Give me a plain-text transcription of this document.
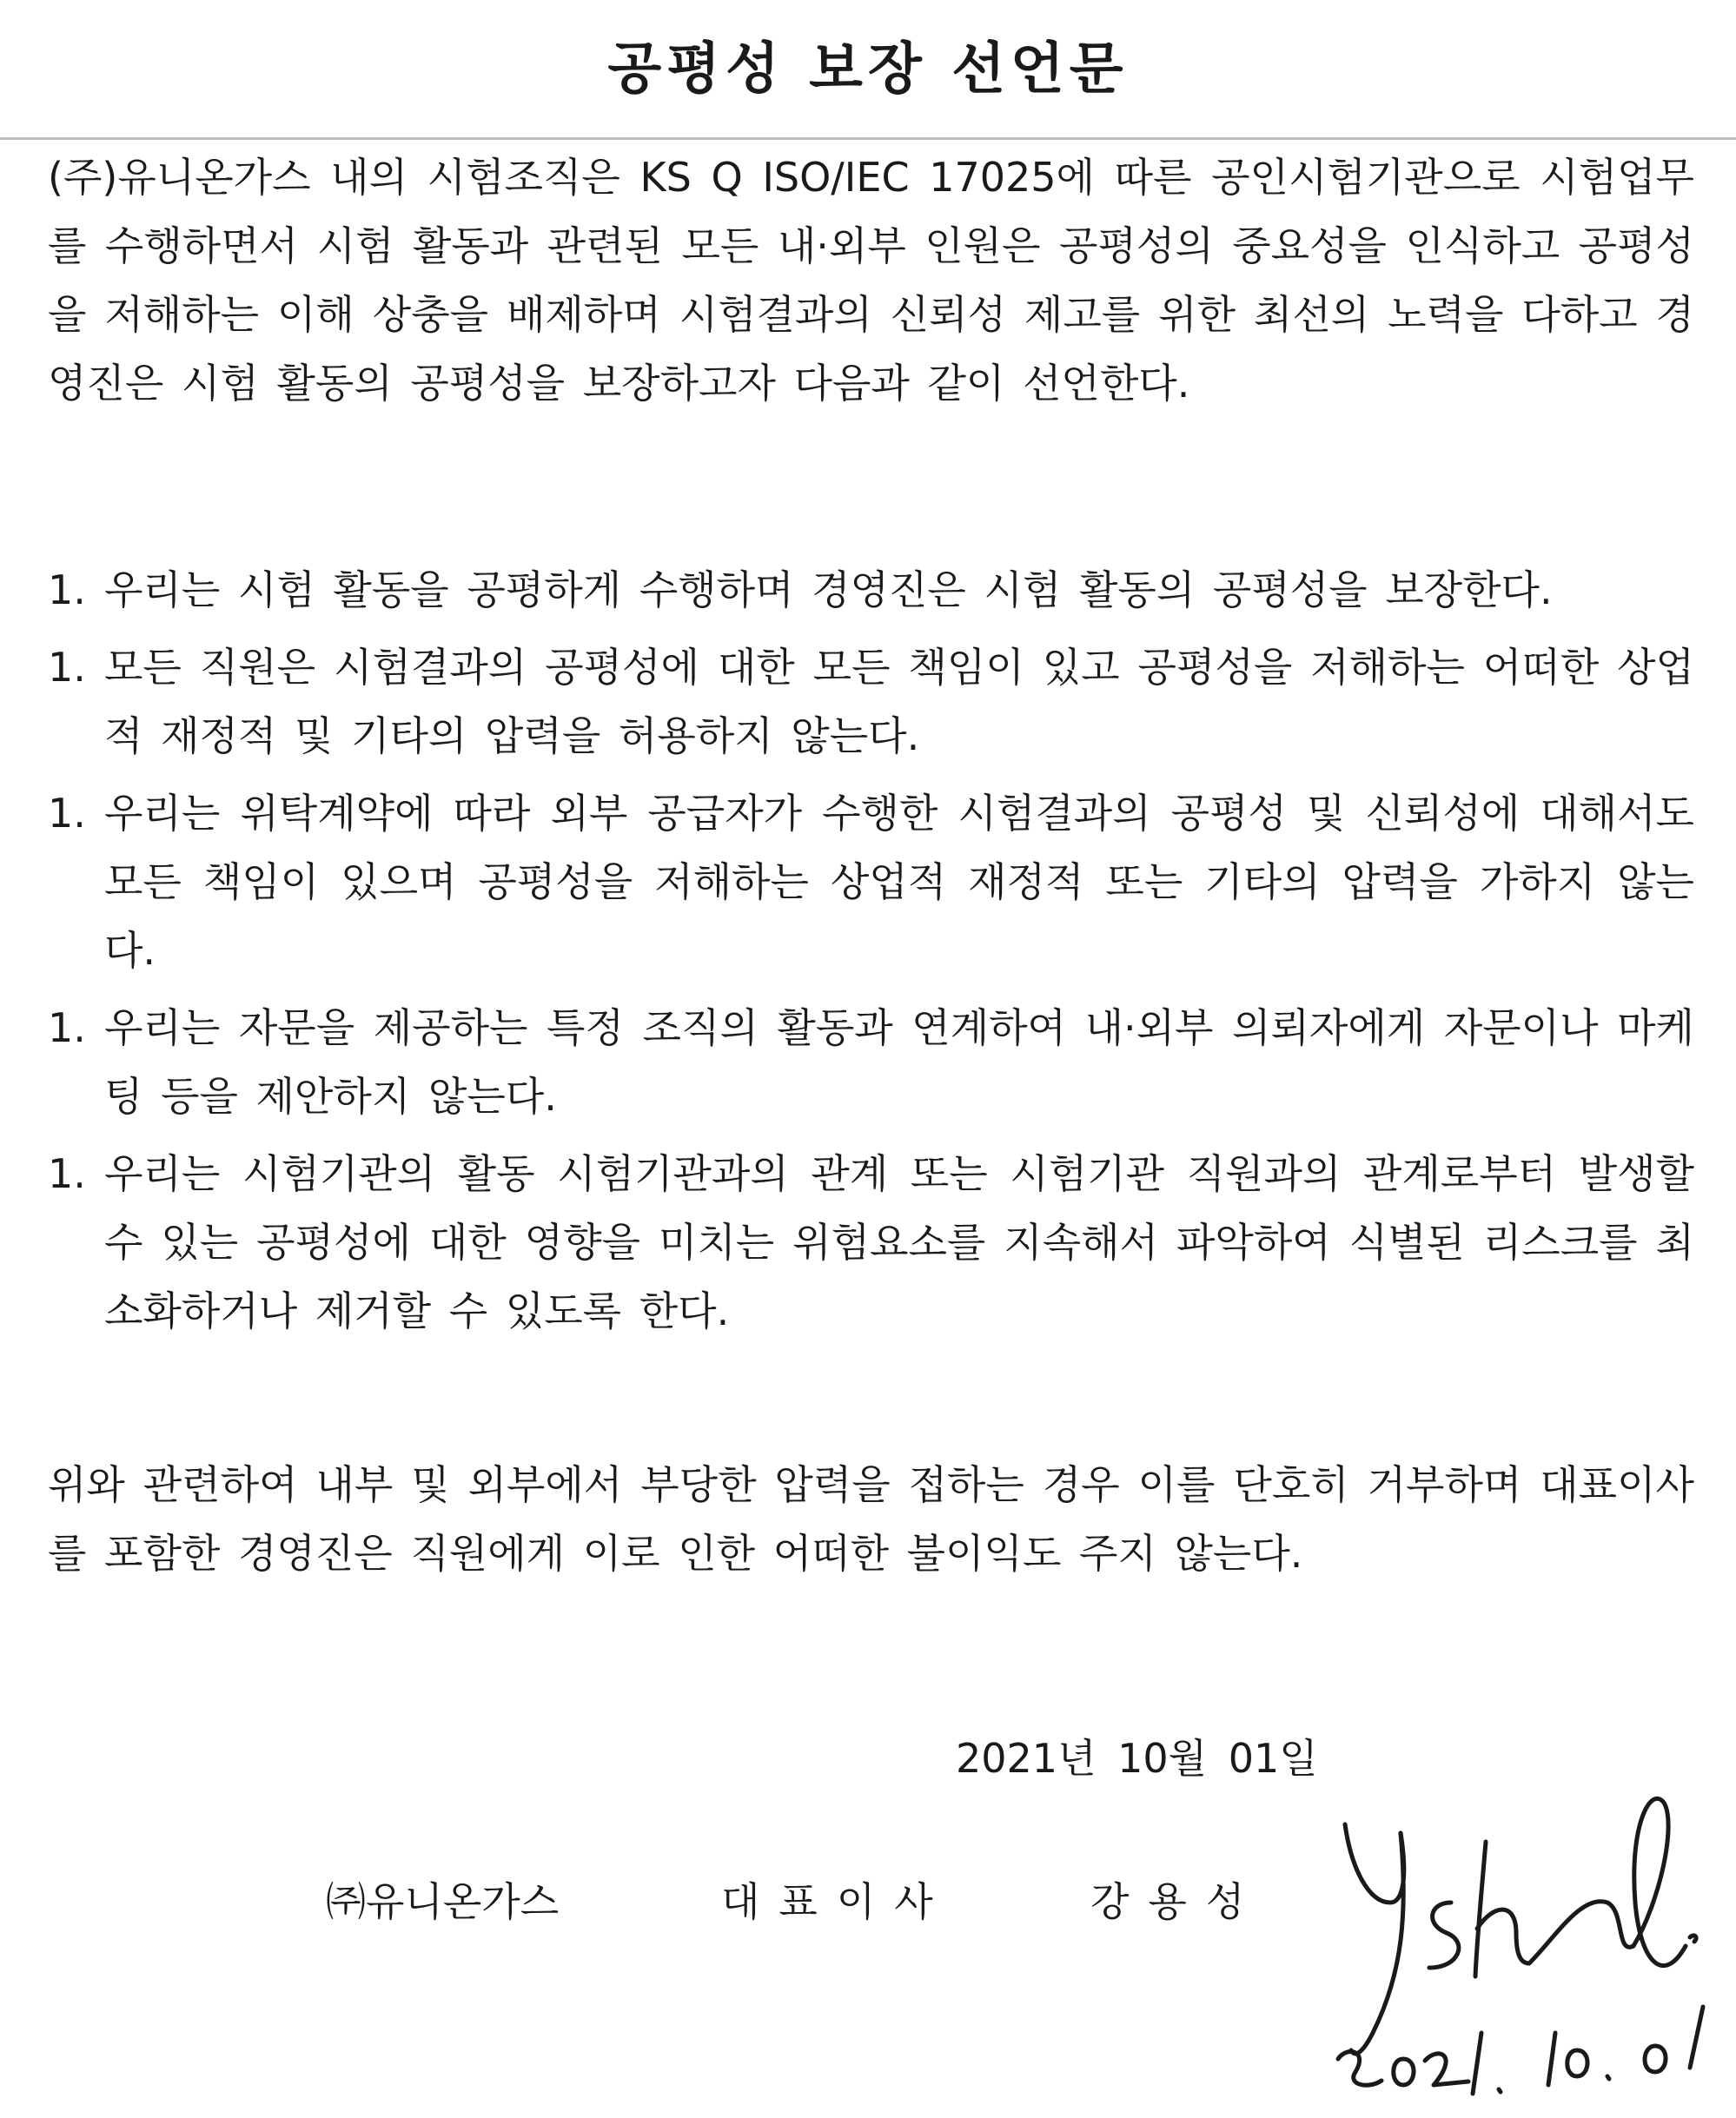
공평성 보장 선언문

(주)유니온가스 내의 시험조직은 KS Q ISO/IEC 17025에 따른 공인시험기관으로 시험업무를 수행하면서 시험 활동과 관련된 모든 내·외부 인원은 공평성의 중요성을 인식하고 공평성을 저해하는 이해 상충을 배제하며 시험결과의 신뢰성 제고를 위한 최선의 노력을 다하고 경영진은 시험 활동의 공평성을 보장하고자 다음과 같이 선언한다.

1. 우리는 시험 활동을 공평하게 수행하며 경영진은 시험 활동의 공평성을 보장한다.
1. 모든 직원은 시험결과의 공평성에 대한 모든 책임이 있고 공평성을 저해하는 어떠한 상업적 재정적 및 기타의 압력을 허용하지 않는다.
1. 우리는 위탁계약에 따라 외부 공급자가 수행한 시험결과의 공평성 및 신뢰성에 대해서도 모든 책임이 있으며 공평성을 저해하는 상업적 재정적 또는 기타의 압력을 가하지 않는다.
1. 우리는 자문을 제공하는 특정 조직의 활동과 연계하여 내·외부 의뢰자에게 자문이나 마케팅 등을 제안하지 않는다.
1. 우리는 시험기관의 활동 시험기관과의 관계 또는 시험기관 직원과의 관계로부터 발생할 수 있는 공평성에 대한 영향을 미치는 위험요소를 지속해서 파악하여 식별된 리스크를 최소화하거나 제거할 수 있도록 한다.

위와 관련하여 내부 및 외부에서 부당한 압력을 접하는 경우 이를 단호히 거부하며 대표이사를 포함한 경영진은 직원에게 이로 인한 어떠한 불이익도 주지 않는다.

2021년 10월 01일
㈜유니온가스	대표이사	강용성
